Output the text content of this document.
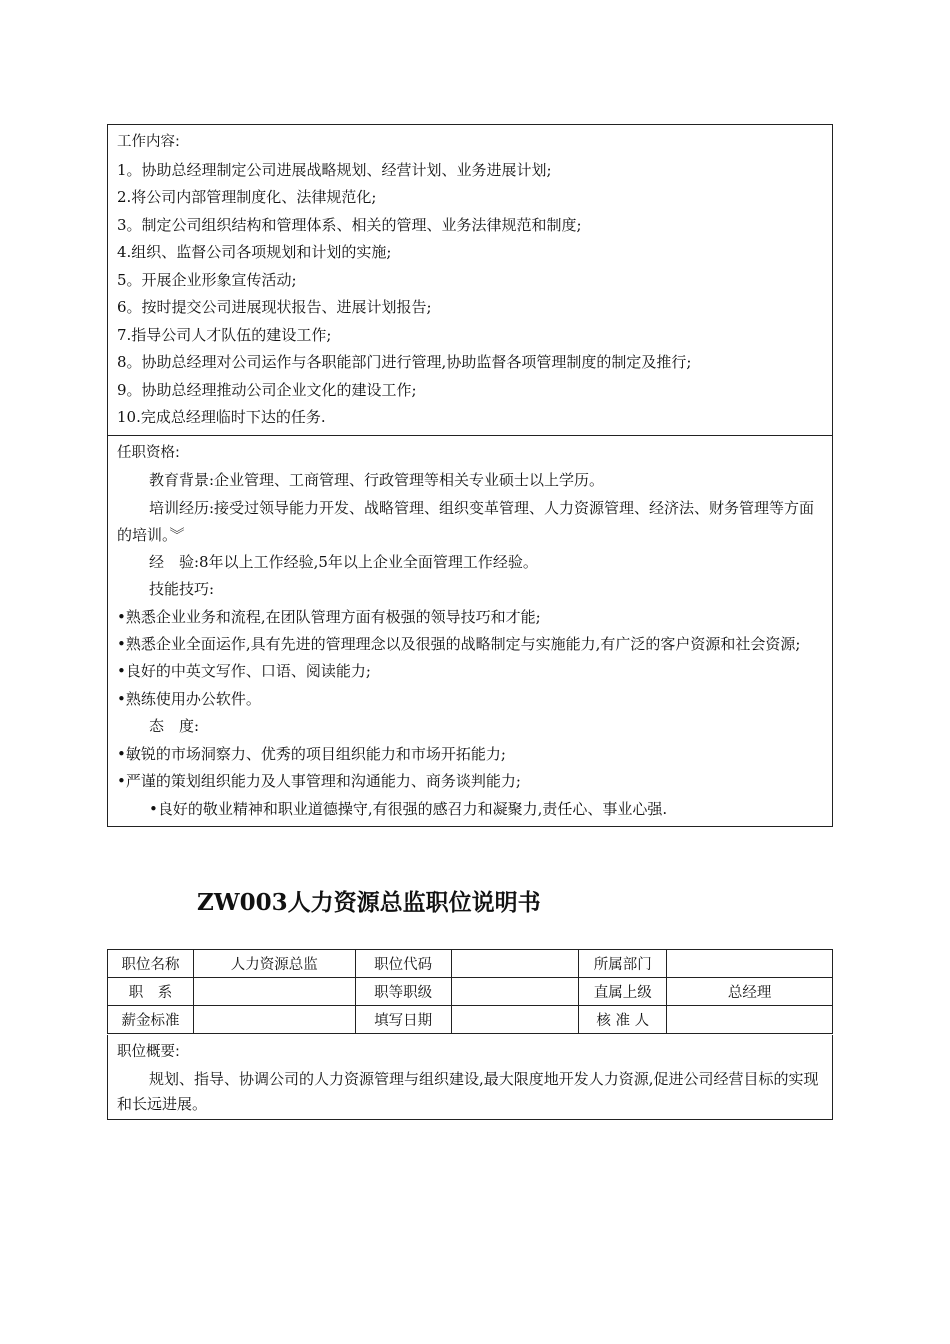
工作内容:
1。协助总经理制定公司进展战略规划、经营计划、业务进展计划;
2.将公司内部管理制度化、法律规范化;
3。制定公司组织结构和管理体系、相关的管理、业务法律规范和制度;
4.组织、监督公司各项规划和计划的实施;
5。开展企业形象宣传活动;
6。按时提交公司进展现状报告、进展计划报告;
7.指导公司人才队伍的建设工作;
8。协助总经理对公司运作与各职能部门进行管理,协助监督各项管理制度的制定及推行;
9。协助总经理推动公司企业文化的建设工作;
10.完成总经理临时下达的任务.
任职资格:
教育背景:企业管理、工商管理、行政管理等相关专业硕士以上学历。
培训经历:接受过领导能力开发、战略管理、组织变革管理、人力资源管理、经济法、财务管理等方面的培训。︾
经　验:8年以上工作经验,5年以上企业全面管理工作经验。
技能技巧:
•熟悉企业业务和流程,在团队管理方面有极强的领导技巧和才能;
•熟悉企业全面运作,具有先进的管理理念以及很强的战略制定与实施能力,有广泛的客户资源和社会资源;
•良好的中英文写作、口语、阅读能力;
•熟练使用办公软件。
态　度:
•敏锐的市场洞察力、优秀的项目组织能力和市场开拓能力;
•严谨的策划组织能力及人事管理和沟通能力、商务谈判能力;
•良好的敬业精神和职业道德操守,有很强的感召力和凝聚力,责任心、事业心强.
ZW003人力资源总监职位说明书
职位名称	人力资源总监	职位代码		所属部门	
职　系		职等职级		直属上级	总经理
薪金标准		填写日期		核 准 人	
职位概要:
规划、指导、协调公司的人力资源管理与组织建设,最大限度地开发人力资源,促进公司经营目标的实现和长远进展。
